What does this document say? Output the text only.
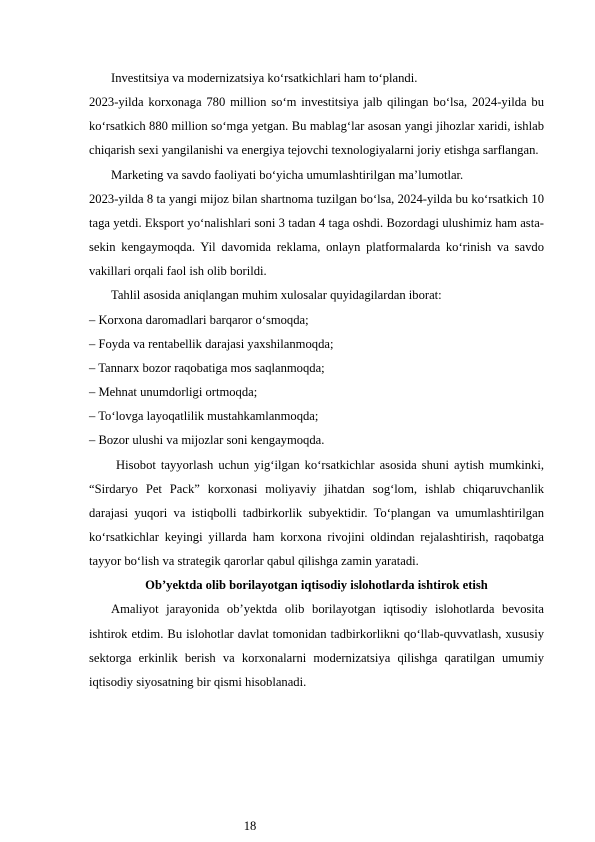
Investitsiya va modernizatsiya ko‘rsatkichlari ham to‘plandi.

2023-yilda korxonaga 780 million so‘m investitsiya jalb qilingan bo‘lsa, 2024-yilda bu ko‘rsatkich 880 million so‘mga yetgan. Bu mablag‘lar asosan yangi jihozlar xaridi, ishlab chiqarish sexi yangilanishi va energiya tejovchi texnologiyalarni joriy etishga sarflangan.

Marketing va savdo faoliyati bo‘yicha umumlashtirilgan ma’lumotlar.

2023-yilda 8 ta yangi mijoz bilan shartnoma tuzilgan bo‘lsa, 2024-yilda bu ko‘rsatkich 10 taga yetdi. Eksport yo‘nalishlari soni 3 tadan 4 taga oshdi. Bozordagi ulushimiz ham asta-sekin kengaymoqda. Yil davomida reklama, onlayn platformalarda ko‘rinish va savdo vakillari orqali faol ish olib borildi.

Tahlil asosida aniqlangan muhim xulosalar quyidagilardan iborat:

– Korxona daromadlari barqaror o‘smoqda;

– Foyda va rentabellik darajasi yaxshilanmoqda;

– Tannarx bozor raqobatiga mos saqlanmoqda;

– Mehnat unumdorligi ortmoqda;

– To‘lovga layoqatlilik mustahkamlanmoqda;

– Bozor ulushi va mijozlar soni kengaymoqda.

Hisobot tayyorlash uchun yig‘ilgan ko‘rsatkichlar asosida shuni aytish mumkinki, “Sirdaryo Pet Pack” korxonasi moliyaviy jihatdan sog‘lom, ishlab chiqaruvchanlik darajasi yuqori va istiqbolli tadbirkorlik subyektidir. To‘plangan va umumlashtirilgan ko‘rsatkichlar keyingi yillarda ham korxona rivojini oldindan rejalashtirish, raqobatga tayyor bo‘lish va strategik qarorlar qabul qilishga zamin yaratadi.

Ob’yektda olib borilayotgan iqtisodiy islohotlarda ishtirok etish

Amaliyot jarayonida ob’yektda olib borilayotgan iqtisodiy islohotlarda bevosita ishtirok etdim. Bu islohotlar davlat tomonidan tadbirkorlikni qo‘llab-quvvatlash, xususiy sektorga erkinlik berish va korxonalarni modernizatsiya qilishga qaratilgan umumiy iqtisodiy siyosatning bir qismi hisoblanadi.

18
